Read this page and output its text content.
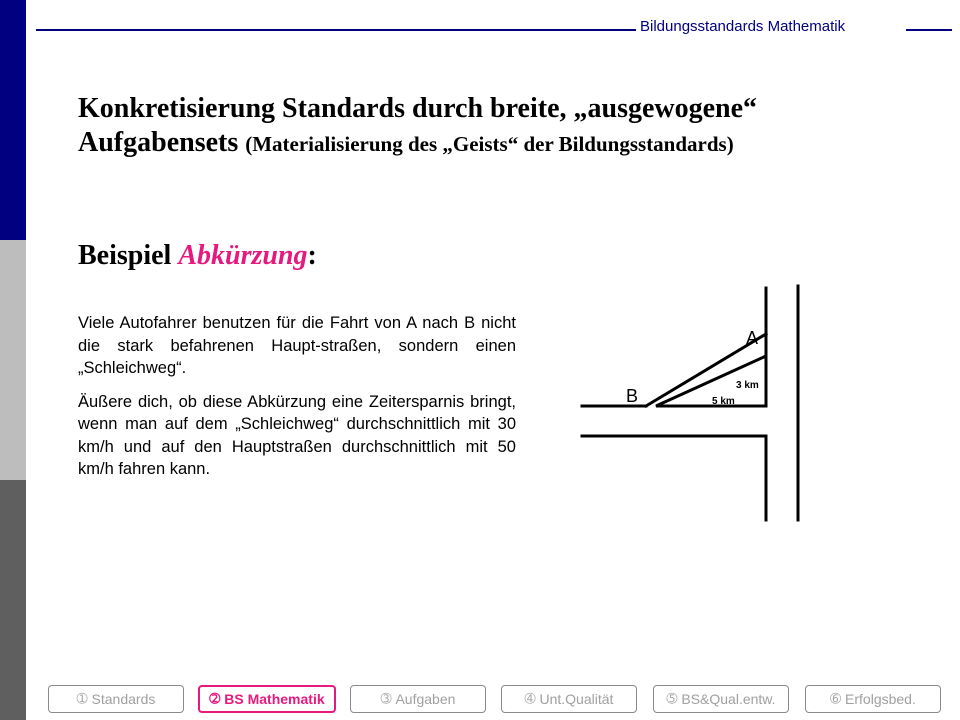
Bildungsstandards Mathematik
Konkretisierung Standards durch breite, „ausgewogene“
Aufgabensets (Materialisierung des „Geists“ der Bildungsstandards)
Beispiel Abkürzung:

Viele Autofahrer benutzen für die Fahrt von A nach B nicht die stark befahrenen Haupt-straßen, sondern einen „Schleichweg“.

Äußere dich, ob diese Abkürzung eine Zeitersparnis bringt, wenn man auf dem „Schleichweg“ durchschnittlich mit 30 km/h und auf den Hauptstraßen durchschnittlich mit 50 km/h fahren kann.

A
B
3 km
5 km
➀ Standards	➁ BS Mathematik	➂ Aufgaben	➃ Unt.Qualität	➄ BS&Qual.entw.	➅ Erfolgsbed.
